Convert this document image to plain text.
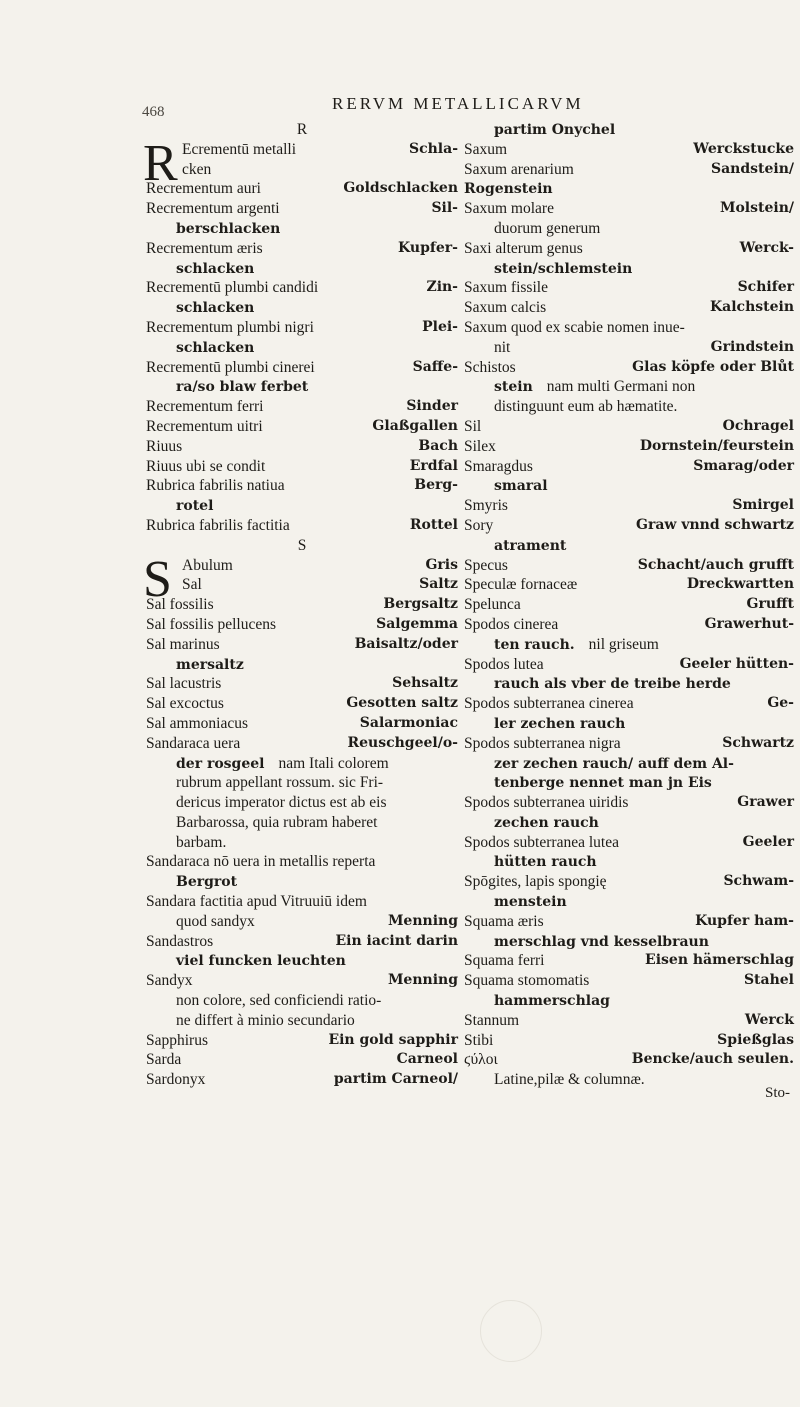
468	RERVM METALLICARVM
R
R Ecrementū metalli	Schla-
cken
Recrementum auri	Goldschlacken
Recrementum argenti	Sil-
berschlacken
Recrementum æris	Kupfer-
schlacken
Recrementū plumbi candidi	Zin-
schlacken
Recrementum plumbi nigri	Plei-
schlacken
Recrementū plumbi cinerei	Saffe-
ra/so blaw ferbet
Recrementum ferri	Sinder
Recrementum uitri	Glaßgallen
Riuus	Bach
Riuus ubi se condit	Erdfal
Rubrica fabrilis natiua	Berg-
rotel
Rubrica fabrilis factitia	Rottel
S
S Abulum	Gris
Sal	Saltz
Sal fossilis	Bergsaltz
Sal fossilis pellucens	Salgemma
Sal marinus	Baisaltz/oder
mersaltz
Sal lacustris	Sehsaltz
Sal excoctus	Gesotten saltz
Sal ammoniacus	Salarmoniac
Sandaraca uera	Reuschgeel/o-
der rosgeel nam Itali colorem
rubrum appellant rossum. sic Fri-
dericus imperator dictus est ab eis
Barbarossa, quia rubram haberet
barbam.
Sandaraca nō uera in metallis reperta
Bergrot
Sandara factitia apud Vitruuiū idem
quod sandyx	Menning
Sandastros	Ein iacint darin
viel funcken leuchten
Sandyx	Menning
non colore, sed conficiendi ratio-
ne differt à minio secundario
Sapphirus	Ein gold sapphir
Sarda	Carneol
Sardonyx	partim Carneol/
partim Onychel
Saxum	Werckstucke
Saxum arenarium	Sandstein/
Rogenstein
Saxum molare	Molstein/
duorum generum
Saxi alterum genus	Werck-
stein/schlemstein
Saxum fissile	Schifer
Saxum calcis	Kalchstein
Saxum quod ex scabie nomen inue-
nit	Grindstein
Schistos	Glas köpfe oder Blůt
stein nam multi Germani non
distinguunt eum ab hæmatite.
Sil	Ochragel
Silex	Dornstein/feurstein
Smaragdus	Smarag/oder
smaral
Smyris	Smirgel
Sory	Graw vnnd schwartz
atrament
Specus	Schacht/auch grufft
Speculæ fornaceæ	Dreckwartten
Spelunca	Grufft
Spodos cinerea	Grawerhut-
ten rauch. nil griseum
Spodos lutea	Geeler hütten-
rauch als vber de treibe herde
Spodos subterranea cinerea	Ge-
ler zechen rauch
Spodos subterranea nigra	Schwartz
zer zechen rauch/ auff dem Al-
tenberge nennet man jn Eis
Spodos subterranea uiridis	Grawer
zechen rauch
Spodos subterranea lutea	Geeler
hütten rauch
Spōgites, lapis spongię	Schwam-
menstein
Squama æris	Kupfer ham-
merschlag vnd kesselbraun
Squama ferri	Eisen hämerschlag
Squama stomomatis	Stahel
hammerschlag
Stannum	Werck
Stibi	Spießglas
ϛύλοι	Bencke/auch seulen.
Latine,pilæ & columnæ.
Sto-
